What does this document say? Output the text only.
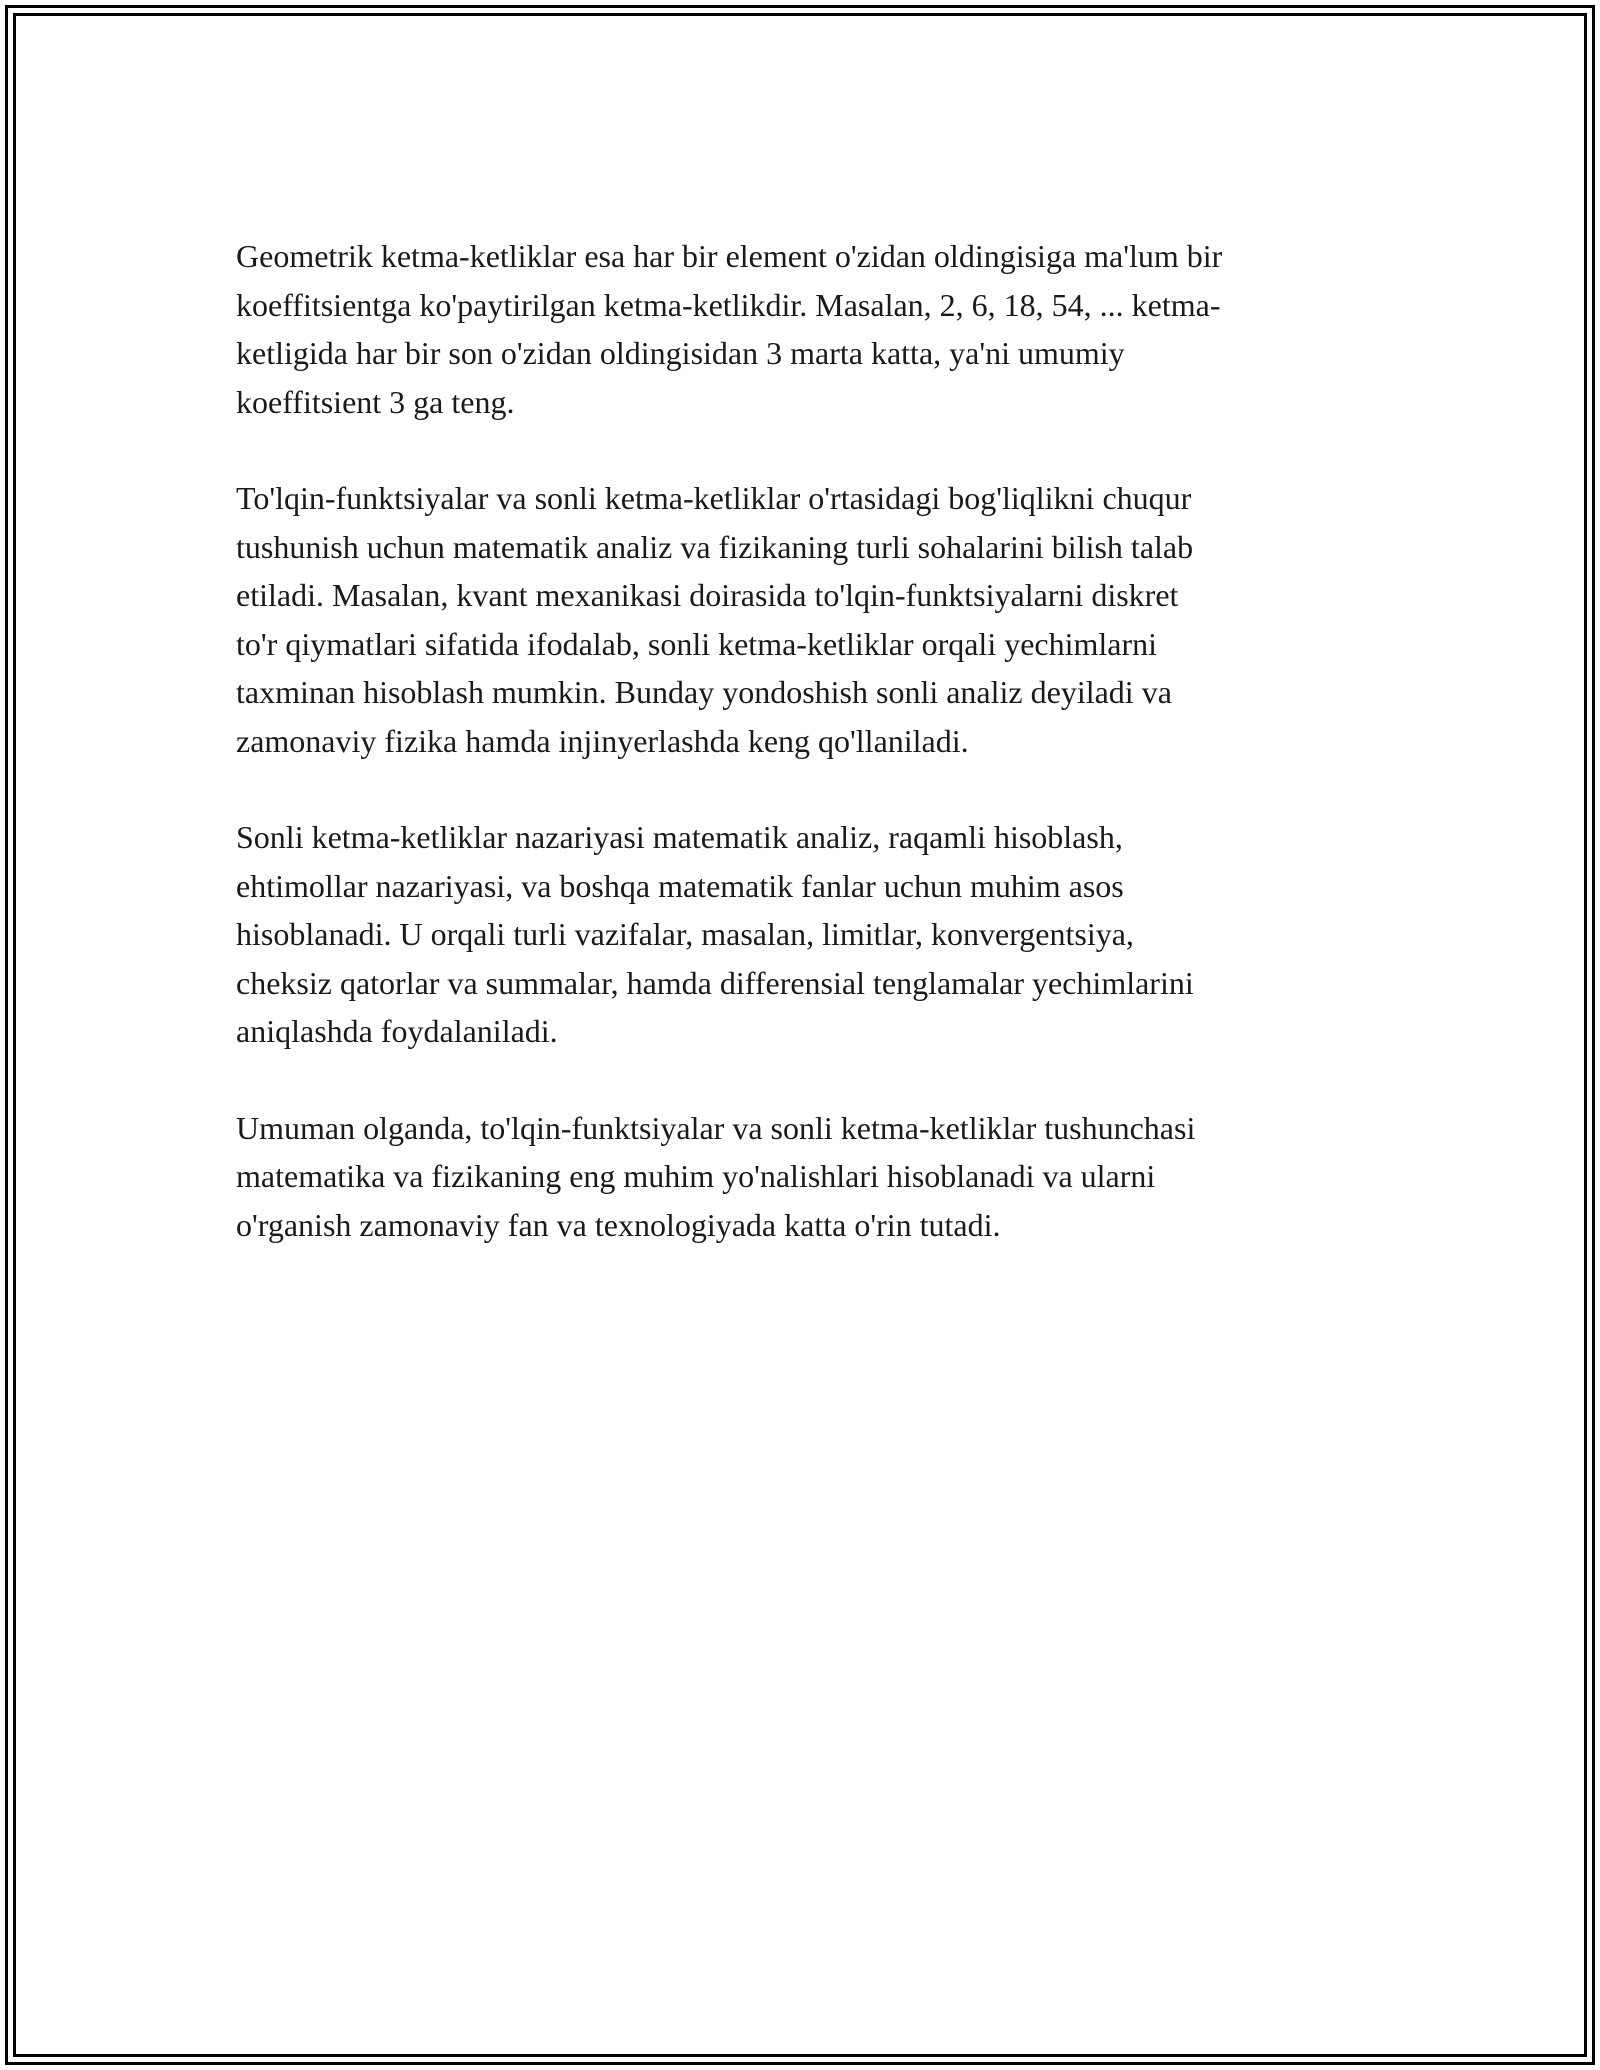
Geometrik ketma-ketliklar esa har bir element o'zidan oldingisiga ma'lum bir
koeffitsientga ko'paytirilgan ketma-ketlikdir. Masalan, 2, 6, 18, 54, ... ketma-
ketligida har bir son o'zidan oldingisidan 3 marta katta, ya'ni umumiy
koeffitsient 3 ga teng.

To'lqin-funktsiyalar va sonli ketma-ketliklar o'rtasidagi bog'liqlikni chuqur
tushunish uchun matematik analiz va fizikaning turli sohalarini bilish talab
etiladi. Masalan, kvant mexanikasi doirasida to'lqin-funktsiyalarni diskret
to'r qiymatlari sifatida ifodalab, sonli ketma-ketliklar orqali yechimlarni
taxminan hisoblash mumkin. Bunday yondoshish sonli analiz deyiladi va
zamonaviy fizika hamda injinyerlashda keng qo'llaniladi.

Sonli ketma-ketliklar nazariyasi matematik analiz, raqamli hisoblash,
ehtimollar nazariyasi, va boshqa matematik fanlar uchun muhim asos
hisoblanadi. U orqali turli vazifalar, masalan, limitlar, konvergentsiya,
cheksiz qatorlar va summalar, hamda differensial tenglamalar yechimlarini
aniqlashda foydalaniladi.

Umuman olganda, to'lqin-funktsiyalar va sonli ketma-ketliklar tushunchasi
matematika va fizikaning eng muhim yo'nalishlari hisoblanadi va ularni
o'rganish zamonaviy fan va texnologiyada katta o'rin tutadi.
